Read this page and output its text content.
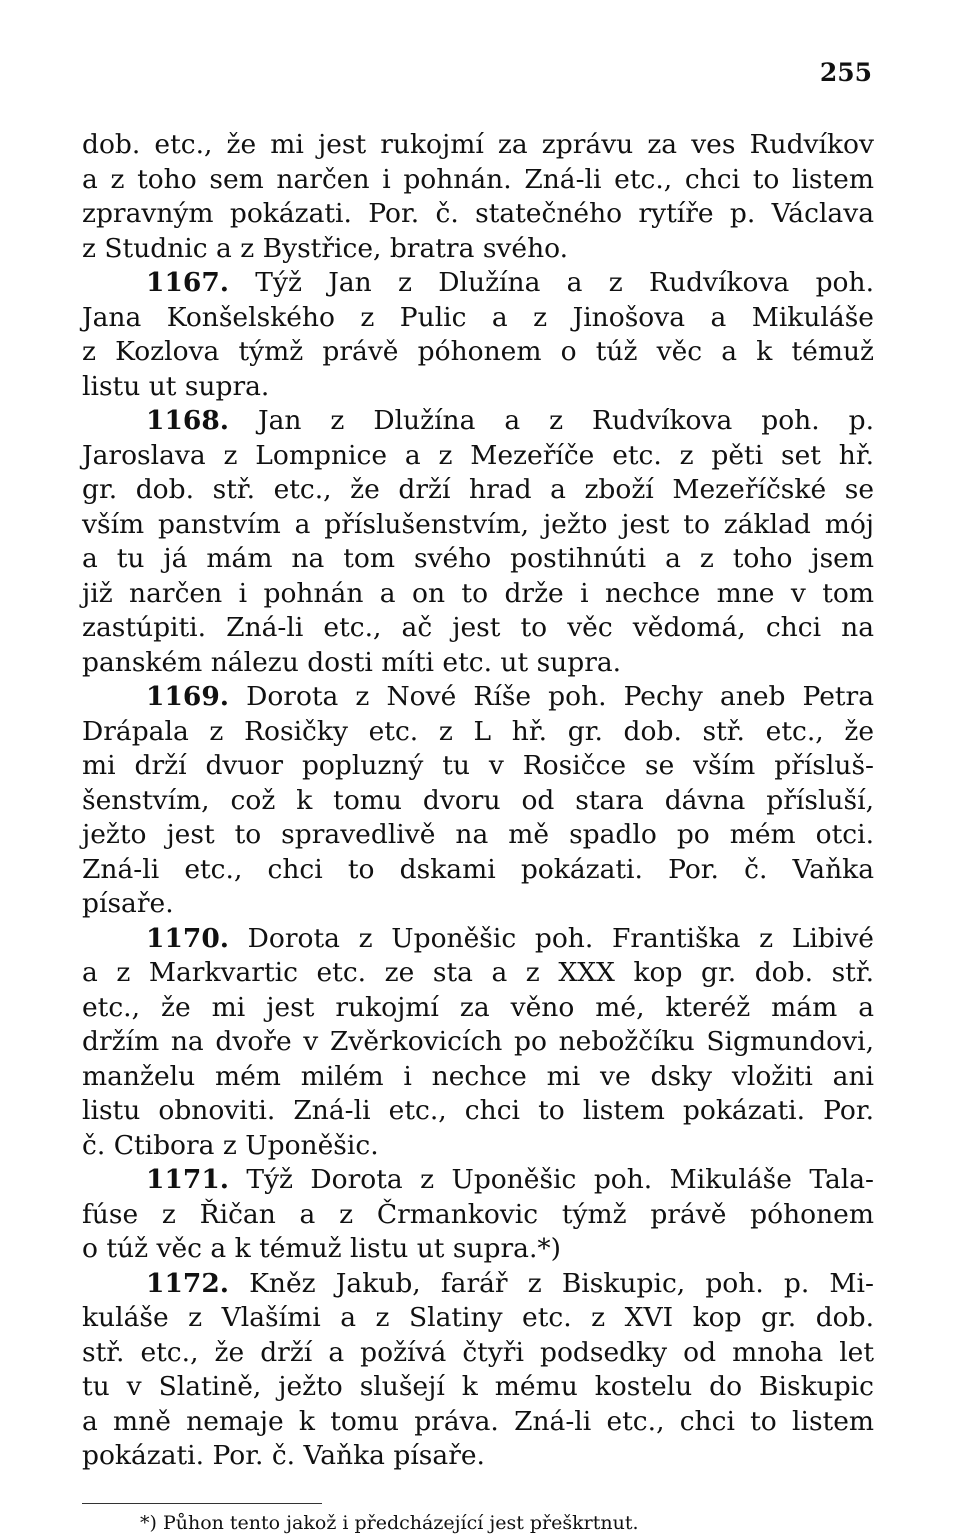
255
dob. etc., že mi jest rukojmí za zprávu za ves Rudvíkov
a z toho sem narčen i pohnán. Zná-li etc., chci to listem
zpravným pokázati. Por. č. statečného rytíře p. Václava
z Studnic a z Bystřice, bratra svého.
1167. Týž Jan z Dlužína a z Rudvíkova poh.
Jana Konšelského z Pulic a z Jinošova a Mikuláše
z Kozlova týmž právě póhonem o túž věc a k témuž
listu ut supra.
1168. Jan z Dlužína a z Rudvíkova poh. p.
Jaroslava z Lompnice a z Mezeříče etc. z pěti set hř.
gr. dob. stř. etc., že drží hrad a zboží Mezeříčské se
vším panstvím a příslušenstvím, ježto jest to základ mój
a tu já mám na tom svého postihnúti a z toho jsem
již narčen i pohnán a on to drže i nechce mne v tom
zastúpiti. Zná-li etc., ač jest to věc vědomá, chci na
panském nálezu dosti míti etc. ut supra.
1169. Dorota z Nové Ríše poh. Pechy aneb Petra
Drápala z Rosičky etc. z L hř. gr. dob. stř. etc., že
mi drží dvuor popluzný tu v Rosičce se vším přísluš-
šenstvím, což k tomu dvoru od stara dávna přísluší,
ježto jest to spravedlivě na mě spadlo po mém otci.
Zná-li etc., chci to dskami pokázati. Por. č. Vaňka
písaře.
1170. Dorota z Uponěšic poh. Františka z Libivé
a z Markvartic etc. ze sta a z XXX kop gr. dob. stř.
etc., že mi jest rukojmí za věno mé, kteréž mám a
držím na dvoře v Zvěrkovicích po nebožčíku Sigmundovi,
manželu mém milém i nechce mi ve dsky vložiti ani
listu obnoviti. Zná-li etc., chci to listem pokázati. Por.
č. Ctibora z Uponěšic.
1171. Týž Dorota z Uponěšic poh. Mikuláše Tala-
fúse z Řičan a z Črmankovic týmž právě póhonem
o túž věc a k témuž listu ut supra.*)
1172. Kněz Jakub, farář z Biskupic, poh. p. Mi-
kuláše z Vlašími a z Slatiny etc. z XVI kop gr. dob.
stř. etc., že drží a požívá čtyři podsedky od mnoha let
tu v Slatině, ježto slušejí k mému kostelu do Biskupic
a mně nemaje k tomu práva. Zná-li etc., chci to listem
pokázati. Por. č. Vaňka písaře.
*) Půhon tento jakož i předcházející jest přeškrtnut.
